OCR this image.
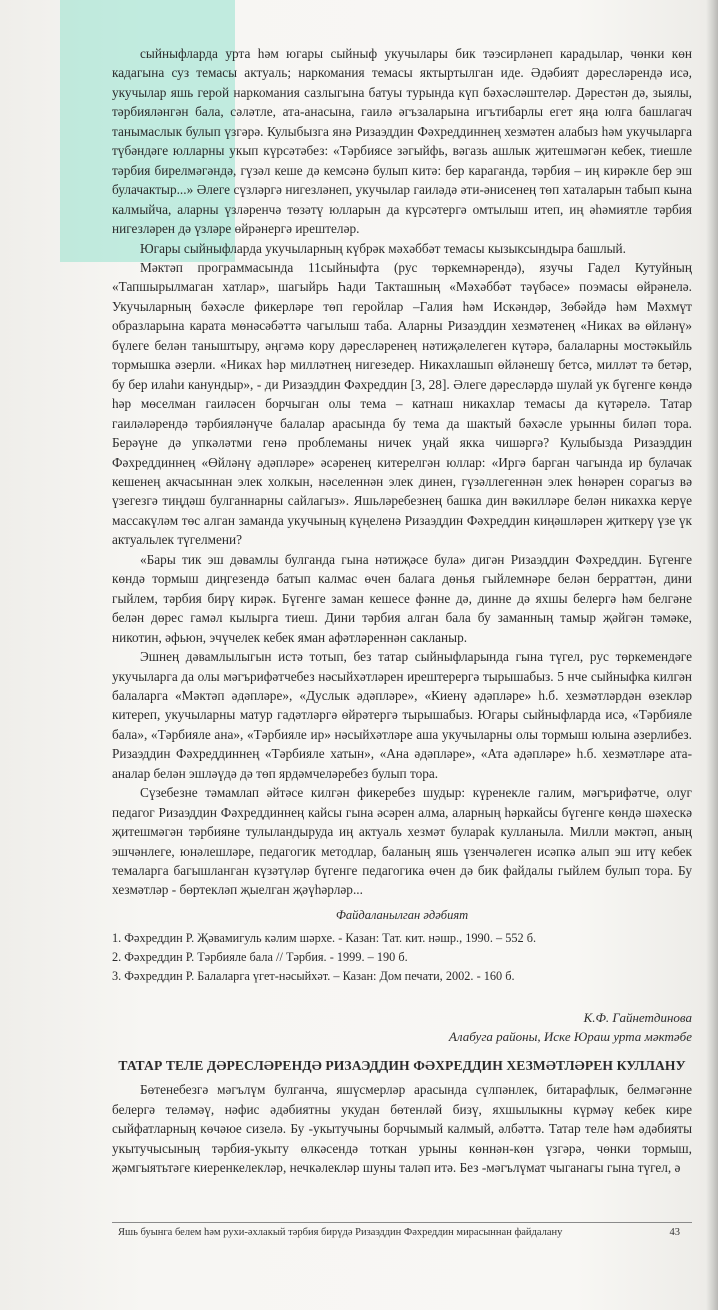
сыйныфларда урта һәм югары сыйныф укучылары бик тәэсирләнеп карадылар, чөнки көн кадагына суз темасы актуаль; наркомания темасы яктыртылган иде. Әдәбият дәресләрендә исә, укучылар яшь герой наркомания сазлыгына батуы турында күп бәхәсләштеләр. Дәрестән дә, зыялы, тәрбияләнгән бала, сәләтле, ата-анасына, гаилә әгъзаларына игътибарлы егет яңа юлга башлагач танымаслык булып үзгәрә. Кулыбызга янә Ризаэддин Фәхреддиннең хезмәтен алабыз һәм укучыларга түбәндәге юлларны укып күрсәтәбез: «Тәрбиясе зәгыйфь, вәгазь ашлык җитешмәгән кебек, тиешле тәрбия бирелмәгәндә, гүзәл кеше дә кемсәнә булып китә: бер караганда, тәрбия – иң кирәкле бер эш булачактыр...» Әлеге сүзләргә нигезләнеп, укучылар гаиләдә әти-әнисенең төп хаталарын табып кына калмыйча, аларны үзләренчә төзәтү юлларын да күрсәтергә омтылыш итеп, иң әһәмиятле тәрбия нигезләрен дә үзләре өйрәнергә ирештеләр.

Югары сыйныфларда укучыларның күбрәк мәхәббәт темасы кызыксындыра башлый.

Мәктәп программасында 11сыйныфта (рус төркемнәрендә), язучы Гадел Кутуйның «Тапшырылмаган хатлар», шагыйрь Һади Такташның «Мәхәббәт тәүбәсе» поэмасы өйрәнелә. Укучыларның бәхәсле фикерләре төп геройлар –Галия һәм Искәндәр, Зөбәйдә һәм Мәхмүт образларына карата мөнәсәбәттә чагылыш таба. Аларны Ризаэддин хезмәтенең «Никах вә өйләнү» бүлеге белән таныштыру, әңгәмә кору дәресләренең нәтиҗәлелеген күтәрә, балаларны мостәкыйль тормышка әзерли. «Никах һәр милләтнең нигезедер. Никахлашып өйләнешү бетсә, милләт тә бетәр, бу бер илаһи канундыр», - ди Ризаэддин Фәхреддин [3, 28]. Әлеге дәресләрдә шулай ук бүгенге көндә һәр мөселман гаиләсен борчыган олы тема – катнаш никахлар темасы да күтәрелә. Татар гаиләләрендә тәрбияләнүче балалар арасында бу тема да шактый бәхәсле урынны биләп тора. Берәүне дә упкәләтми генә проблеманы ничек уңай якка чишәргә? Кулыбызда Ризаэддин Фәхреддиннең «Өйләнү әдәпләре» әсәренең китерелгән юллар: «Иргә барган чагында ир булачак кешенең акчасыннан элек холкын, нәселеннән элек динен, гүзәллегеннән элек һөнәрен сорагыз вә үзегезгә тиңдәш булганнарны сайлагыз». Яшьләребезнең башка дин вәкилләре белән никахка керүе массакүләм төс алган заманда укучының күңеленә Ризаэддин Фәхреддин киңәшләрен җиткерү үзе үк актуальлек түгелмени?

«Бары тик эш дәвамлы булганда гына нәтиҗәсе була» дигән Ризаэддин Фәхреддин. Бүгенге көндә тормыш диңгезендә батып калмас өчен балага дөнья гыйлемнәре белән берраттән, дини гыйлем, тәрбия бирү кирәк. Бүгенге заман кешесе фәнне дә, динне дә яхшы белергә һәм белгәне белән дөрес гамәл кылырга тиеш. Дини тәрбия алган бала бу заманның тамыр җәйгән тәмәке, никотин, әфьюн, эчүчелек кебек яман афәтләреннән сакланыр.

Эшнең дәвамлылыгын истә тотып, без татар сыйныфларында гына түгел, рус төркемендәге укучыларга да олы мәгърифәтчебез нәсыйхәтләрен ирештерергә тырышабыз. 5 нче сыйныфка килгән балаларга «Мәктәп әдәпләре», «Дуслык әдәпләре», «Киенү әдәпләре» һ.б. хезмәтләрдән өзекләр китереп, укучыларны матур гадәтләргә өйрәтергә тырышабыз. Югары сыйныфларда исә, «Тәрбияле бала», «Тәрбияле ана», «Тәрбияле ир» нәсыйхәтләре аша укучыларны олы тормыш юлына әзерлибез. Ризаэддин Фәхреддиннең «Тәрбияле хатын», «Ана әдәпләре», «Ата әдәпләре» һ.б. хезмәтләре ата-аналар белән эшләүдә дә төп ярдәмчеләребез булып тора.

Сүзебезне тәмамлап әйтәсе килгән фикеребез шудыр: күренекле галим, мәгърифәтче, олуг педагог Ризаэддин Фәхреддиннең кайсы гына әсәрен алма, аларның һәркайсы бүгенге көндә шәхескә җитешмәгән тәрбияне тулыландыруда иң актуаль хезмәт булараk кулланыла. Милли мәктәп, аның эшчәнлеге, юнәлешләре, педагогик методлар, баланың яшь үзенчәлеген исәпкә алып эш итү кебек темаларга багышланган күзәтүләр бүгенге педагогика өчен дә бик файдалы гыйлем булып тора. Бу хезмәтләр - бөртекләп җыелган җәүһәрләр...

Файдаланылган әдәбият
1. Фәхреддин Р. Җәвамигуль кәлим шәрхе. - Казан: Тат. кит. нәшр., 1990. – 552 б.
2. Фәхреддин Р. Тәрбияле бала // Тәрбия. - 1999. – 190 б.
3. Фәхреддин Р. Балаларга үгет-нәсыйхәт. – Казан: Дом печати, 2002. - 160 б.
К.Ф. Гайнетдинова
Алабуга районы, Иске Юраш урта мәктәбе
ТАТАР ТЕЛЕ ДӘРЕСЛӘРЕНДӘ РИЗАЭДДИН ФӘХРЕДДИН ХЕЗМӘТЛӘРЕН КУЛЛАНУ

Бөтенебезгә мәгълүм булганча, яшүсмерләр арасында сүлпәнлек, битарафлык, белмәгәнне белергә теләмәү, нәфис әдәбиятны укудан бөтенләй бизү, яхшылыкны күрмәү кебек кире сыйфатларның көчәюе сизелә. Бу -укытучыны борчымый калмый, әлбәттә. Татар теле һәм әдәбияты укытучысының тәрбия-укыту өлкәсендә тоткан урыны көннән-көн үзгәрә, чөнки тормыш, җәмгыятьтәге киеренкелекләр, нечкәлекләр шуны таләп итә. Без -мәгълүмат чыганагы гына түгел, ә

Яшь буынга белем һәм рухи-әхлакый тәрбия бирүдә Ризаэддин Фәхреддин мирасыннан файдалану	43
